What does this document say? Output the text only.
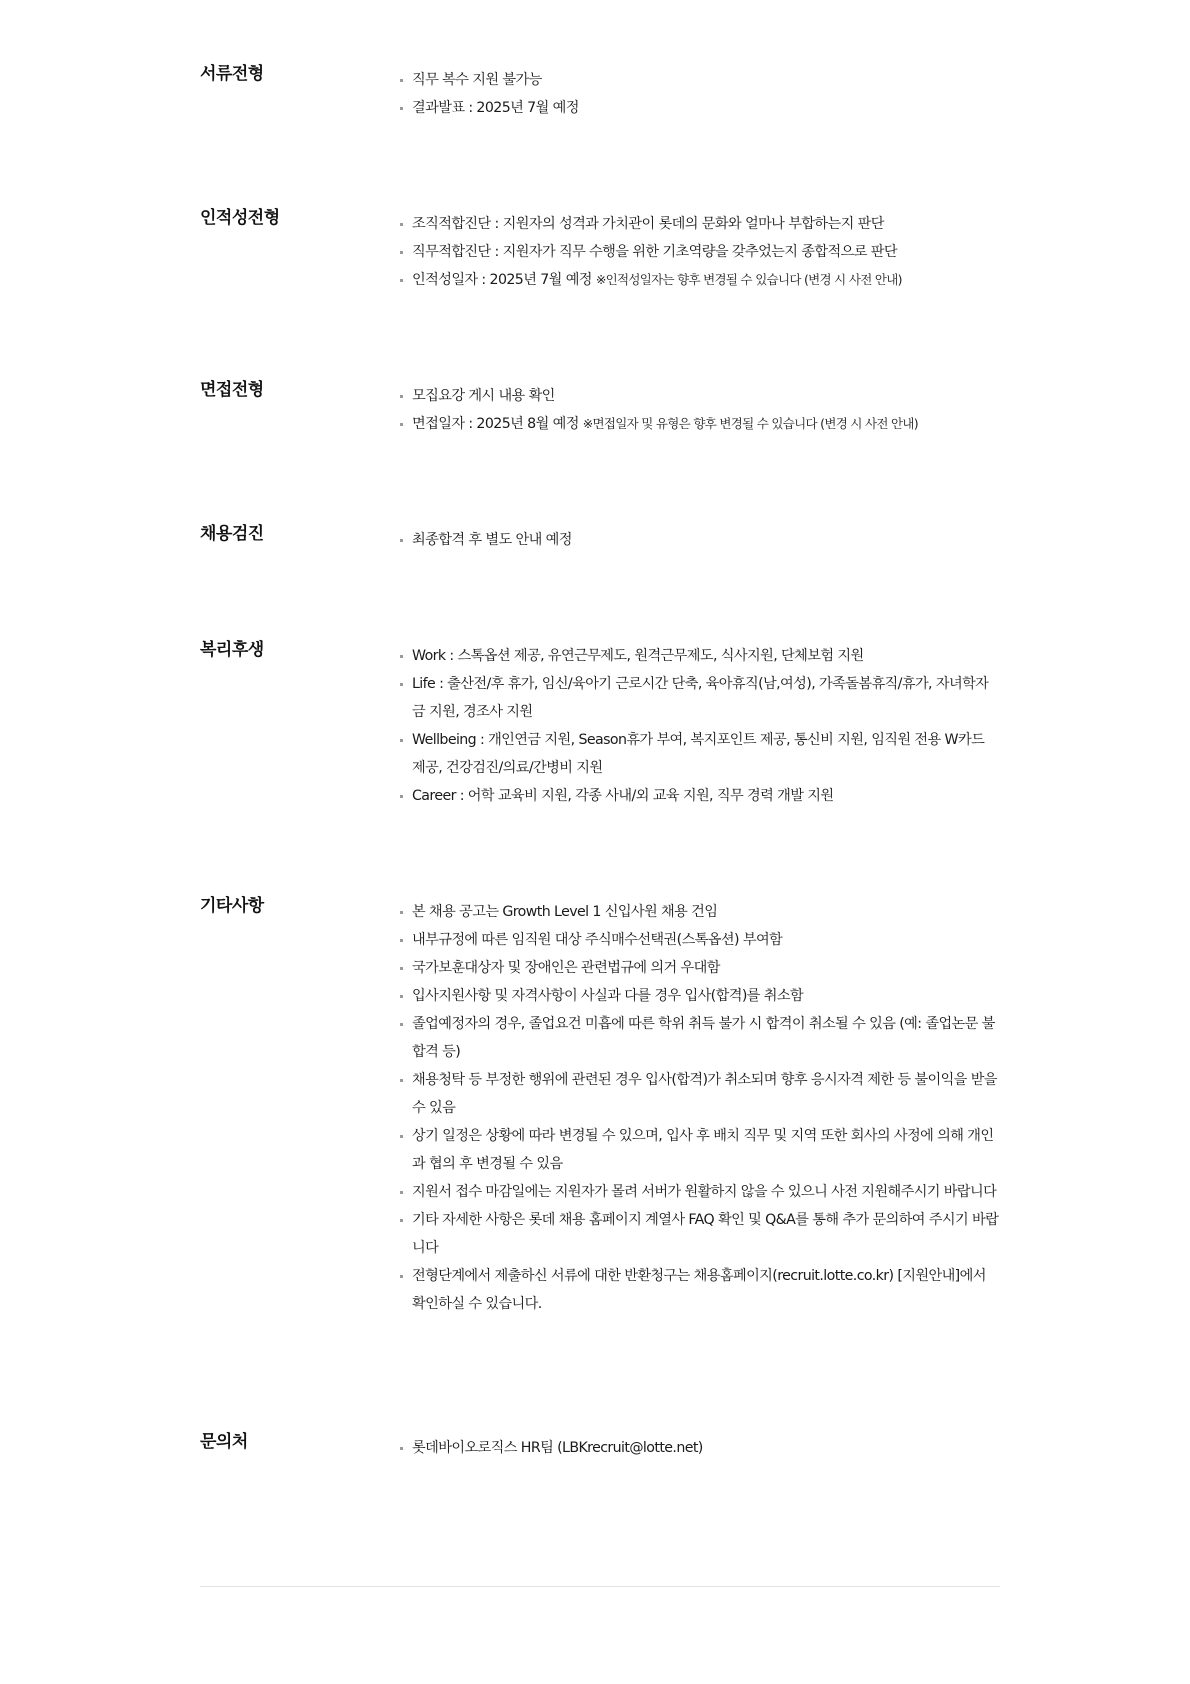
서류전형	직무 복수 지원 불가능
결과발표 : 2025년 7월 예정
인적성전형	조직적합진단 : 지원자의 성격과 가치관이 롯데의 문화와 얼마나 부합하는지 판단
직무적합진단 : 지원자가 직무 수행을 위한 기초역량을 갖추었는지 종합적으로 판단
인적성일자 : 2025년 7월 예정 ※인적성일자는 향후 변경될 수 있습니다 (변경 시 사전 안내)
면접전형	모집요강 게시 내용 확인
면접일자 : 2025년 8월 예정 ※면접일자 및 유형은 향후 변경될 수 있습니다 (변경 시 사전 안내)
채용검진	최종합격 후 별도 안내 예정
복리후생	Work : 스톡옵션 제공, 유연근무제도, 원격근무제도, 식사지원, 단체보험 지원
Life : 출산전/후 휴가, 임신/육아기 근로시간 단축, 육아휴직(남,여성), 가족돌봄휴직/휴가, 자녀학자금 지원, 경조사 지원
Wellbeing : 개인연금 지원, Season휴가 부여, 복지포인트 제공, 통신비 지원, 임직원 전용 W카드 제공, 건강검진/의료/간병비 지원
Career : 어학 교육비 지원, 각종 사내/외 교육 지원, 직무 경력 개발 지원
기타사항	본 채용 공고는 Growth Level 1 신입사원 채용 건임
내부규정에 따른 임직원 대상 주식매수선택권(스톡옵션) 부여함
국가보훈대상자 및 장애인은 관련법규에 의거 우대함
입사지원사항 및 자격사항이 사실과 다를 경우 입사(합격)를 취소함
졸업예정자의 경우, 졸업요건 미흡에 따른 학위 취득 불가 시 합격이 취소될 수 있음 (예: 졸업논문 불합격 등)
채용청탁 등 부정한 행위에 관련된 경우 입사(합격)가 취소되며 향후 응시자격 제한 등 불이익을 받을 수 있음
상기 일정은 상황에 따라 변경될 수 있으며, 입사 후 배치 직무 및 지역 또한 회사의 사정에 의해 개인과 협의 후 변경될 수 있음
지원서 접수 마감일에는 지원자가 몰려 서버가 원활하지 않을 수 있으니 사전 지원해주시기 바랍니다
기타 자세한 사항은 롯데 채용 홈페이지 계열사 FAQ 확인 및 Q&A를 통해 추가 문의하여 주시기 바랍니다
전형단계에서 제출하신 서류에 대한 반환청구는 채용홈페이지(recruit.lotte.co.kr) [지원안내]에서 확인하실 수 있습니다.
문의처	롯데바이오로직스 HR팀 (LBKrecruit@lotte.net)
